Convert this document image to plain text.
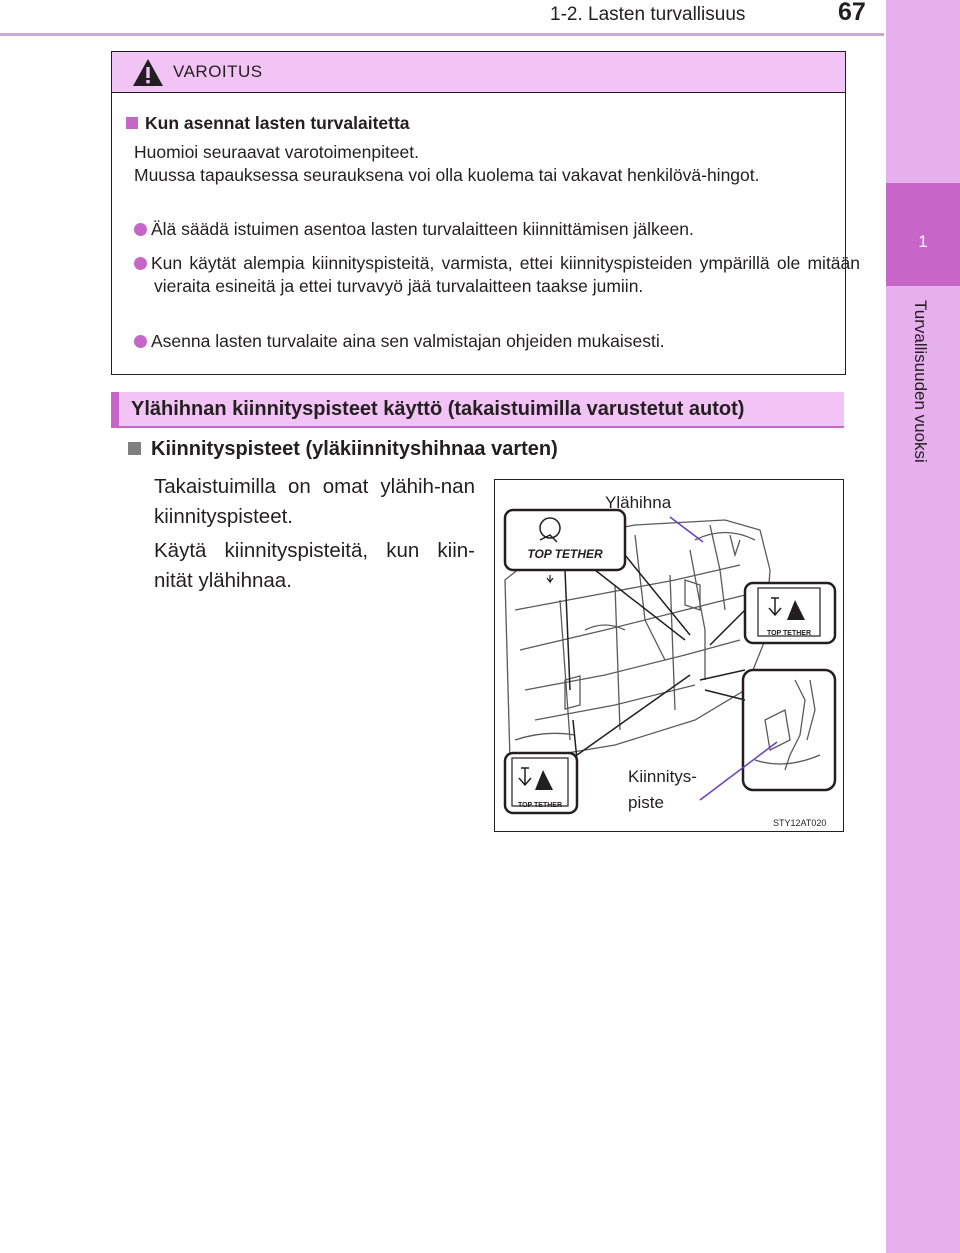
1-2. Lasten turvallisuus	67
1
Turvallisuuden vuoksi
VAROITUS
Kun asennat lasten turvalaitetta
Huomioi seuraavat varotoimenpiteet.
Muussa tapauksessa seurauksena voi olla kuolema tai vakavat henkilövä-hingot.
Älä säädä istuimen asentoa lasten turvalaitteen kiinnittämisen jälkeen.
Kun käytät alempia kiinnityspisteitä, varmista, ettei kiinnityspisteiden ympärillä ole mitään vieraita esineitä ja ettei turvavyö jää turvalaitteen taakse jumiin.
Asenna lasten turvalaite aina sen valmistajan ohjeiden mukaisesti.
Ylähihnan kiinnityspisteet käyttö (takaistuimilla varustetut autot)
Kiinnityspisteet (yläkiinnityshihnaa varten)
Takaistuimilla on omat ylähih-nan kiinnityspisteet.
Käytä kiinnityspisteitä, kun kiin-nität ylähihnaa.
TOP TETHER
TOP TETHER
TOP TETHER
Ylähihna
Kiinnitys-
piste
STY12AT020
